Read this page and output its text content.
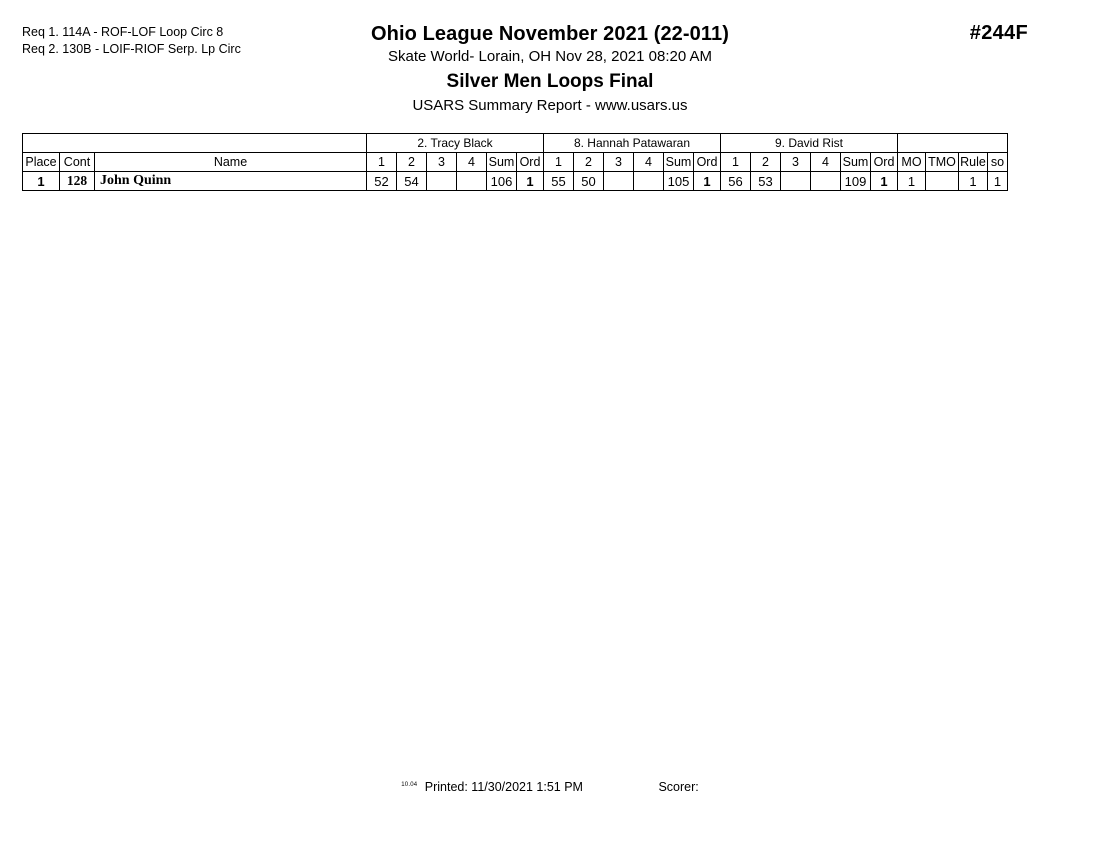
Req 1. 114A - ROF-LOF Loop Circ 8
Req 2. 130B - LOIF-RIOF Serp. Lp Circ
#244F
Ohio League November 2021 (22-011)
Skate World- Lorain, OH Nov 28, 2021 08:20 AM
Silver Men Loops Final
USARS Summary Report - www.usars.us
			2. Tracy Black						8. Hannah Patawaran						9. David Rist									
Place	Cont	Name	1	2	3	4	Sum	Ord	1	2	3	4	Sum	Ord	1	2	3	4	Sum	Ord	MO	TMO	Rule	so
1	128	John Quinn	52	54			106	1	55	50			105	1	56	53			109	1	1		1	1
$^{10.04}$ Printed: 11/30/2021 1:51 PM	Scorer:
